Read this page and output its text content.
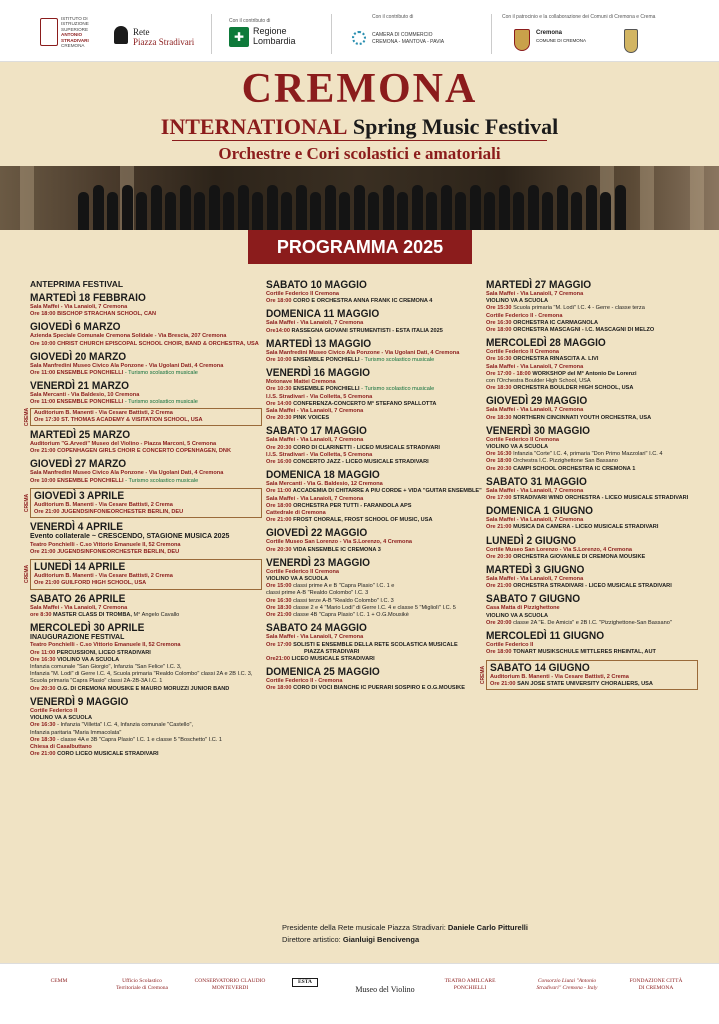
ISTITUTO DI
ISTRUZIONE
SUPERIORE
ANTONIO
STRADIVARI
CREMONA
Rete
Piazza Stradivari
Con il contributo di
✚ Regione
Lombardia
Con il contributo di
CAMERA DI COMMERCIO
CREMONA - MANTOVA - PAVIA
Con il patrocinio e la collaborazione dei Comuni di Cremona e Crema
Cremona
COMUNE DI CREMONA
CREMONA
INTERNATIONAL Spring Music Festival
Orchestre e Cori scolastici e amatoriali
PROGRAMMA 2025
ANTEPRIMA FESTIVAL
MARTEDÌ 18 FEBBRAIO
Sala Maffei - Via Lanaioli, 7 Cremona
Ore 18:00 BISCHOP STRACHAN SCHOOL, CAN
GIOVEDÌ 6 MARZO
Azienda Speciale Comunale Cremona Solidale - Via Brescia, 207 Cremona
Ore 10:00 CHRIST CHURCH EPISCOPAL SCHOOL CHOIR, BAND & ORCHESTRA, USA
GIOVEDÌ 20 MARZO
Sala Manfredini Museo Civico Ala Ponzone - Via Ugolani Dati, 4 Cremona
Ore 11:00 ENSEMBLE PONCHIELLI - Turismo scolastico musicale
VENERDÌ 21 MARZO
Sala Mercanti - Via Baldesio, 10 Cremona
Ore 11:00 ENSEMBLE PONCHIELLI - Turismo scolastico musicale
CREMA Auditorium B. Manenti - Via Cesare Battisti, 2 Crema
Ore 17:30 ST. THOMAS ACADEMY & VISITATION SCHOOL, USA
MARTEDÌ 25 MARZO
Auditorium "G.Arvedi" Museo del Violino - Piazza Marconi, 5 Cremona
Ore 21:00 COPENHAGEN GIRLS CHOIR E CONCERTO COPENHAGEN, DNK
GIOVEDÌ 27 MARZO
Sala Manfredini Museo Civico Ala Ponzone - Via Ugolani Dati, 4 Cremona
Ore 10:00 ENSEMBLE PONCHIELLI - Turismo scolastico musicale
CREMA GIOVEDÌ 3 APRILE
Auditorium B. Manenti - Via Cesare Battisti, 2 Crema
Ore 21:00 JUGENDSINFONIEORCHESTER BERLIN, DEU
VENERDÌ 4 APRILE
Evento collaterale ~ CRESCENDO, STAGIONE MUSICA 2025
Teatro Ponchielli - C.so Vittorio Emanuele II, 52 Cremona
Ore 21:00 JUGENDSINFONIEORCHESTER BERLIN, DEU
CREMA LUNEDÌ 14 APRILE
Auditorium B. Manenti - Via Cesare Battisti, 2 Crema
Ore 21:00 GUILFORD HIGH SCHOOL, USA
SABATO 26 APRILE
Sala Maffei - Via Lanaioli, 7 Cremona
ore 8:30 MASTER CLASS DI TROMBA, M° Angelo Cavallo
MERCOLEDÌ 30 APRILE
INAUGURAZIONE FESTIVAL
Teatro Ponchielli - C.so Vittorio Emanuele II, 52 Cremona
Ore 11:00 PERCUSSIONI, LICEO STRADIVARI
Ore 16:30 VIOLINO VA A SCUOLA
Infanzia comunale "San Giorgio", Infanzia "San Felice" I.C. 3,
Infanzia "M. Lodi" di Gerre I.C. 4, Scuola primaria "Realdo Colombo" classi 2A e 2B I.C. 3,
Scuola primaria "Capra Plasio" classi 2A-2B-3A I.C. 1
Ore 20:30 O.G. DI CREMONA MOUSIKÉ E MAURO MORUZZI JUNIOR BAND
VENERDÌ 9 MAGGIO
Cortile Federico II
VIOLINO VA A SCUOLA
Ore 16:30 - Infanzia "Villetta" I.C. 4, Infanzia comunale "Castello",
Infanzia paritaria "Maria Immacolata"
Ore 18:30 - classe 4A e 3B "Capra Plasio" I.C. 1 e classe 5 "Boschetto" I.C. 1
Chiesa di Casalbuttano
Ore 21:00 CORO LICEO MUSICALE STRADIVARI
SABATO 10 MAGGIO
Cortile Federico II Cremona
Ore 18:00 CORO E ORCHESTRA ANNA FRANK IC CREMONA 4
DOMENICA 11 MAGGIO
Sala Maffei - Via Lanaioli, 7 Cremona
Ore14:00 RASSEGNA GIOVANI STRUMENTISTI - ESTA ITALIA 2025
MARTEDÌ 13 MAGGIO
Sala Manfredini Museo Civico Ala Ponzone - Via Ugolani Dati, 4 Cremona
Ore 10:00 ENSEMBLE PONCHIELLI - Turismo scolastico musicale
VENERDÌ 16 MAGGIO
Motonave Mattei Cremona
Ore 10:30 ENSEMBLE PONCHIELLI - Turismo scolastico musicale
I.I.S. Stradivari - Via Colletta, 5 Cremona
Ore 14:00 CONFERENZA-CONCERTO M° STEFANO SPALLOTTA
Sala Maffei - Via Lanaioli, 7 Cremona
Ore 20:30 PINK VOICES
SABATO 17 MAGGIO
Sala Maffei - Via Lanaioli, 7 Cremona
Ore 20:30 CORO DI CLARINETTI - LICEO MUSICALE STRADIVARI
I.I.S. Stradivari - Via Colletta, 5 Cremona
Ore 16:00 CONCERTO JAZZ - LICEO MUSICALE STRADIVARI
DOMENICA 18 MAGGIO
Sala Mercanti - Via G. Baldesio, 12 Cremona
Ore 11:00 ACCADEMIA DI CHITARRE A PIÙ CORDE + VIDA "GUITAR ENSEMBLE"
Sala Maffei - Via Lanaioli, 7 Cremona
Ore 18:00 ORCHESTRA PER TUTTI - FARANDOLA APS
Cattedrale di Cremona
Ore 21:00 FROST CHORALE, FROST SCHOOL OF MUSIC, USA
GIOVEDÌ 22 MAGGIO
Cortile Museo San Lorenzo - Via S.Lorenzo, 4 Cremona
Ore 20:30 VIDA ENSEMBLE IC CREMONA 3
VENERDÌ 23 MAGGIO
Cortile Federico II Cremona
VIOLINO VA A SCUOLA
Ore 15:00 classi prime A e B "Capra Plasio" I.C. 1 e
classi prime A-B "Realdo Colombo" I.C. 3
Ore 16:30 classi terze A-B "Realdo Colombo" I.C. 3
Ore 18:30 classe 2 e 4 "Mario Lodi" di Gerre I.C. 4 e classe 5 "Migliolì" I.C. 5
Ore 21:00 classe 4B "Capra Plasio" I.C. 1 + O.G.Mousikè
SABATO 24 MAGGIO
Sala Maffei - Via Lanaioli, 7 Cremona
Ore 17:00 SOLISTI E ENSEMBLE DELLA RETE SCOLASTICA MUSICALE
PIAZZA STRADIVARI
Ore21:00 LICEO MUSICALE STRADIVARI
DOMENICA 25 MAGGIO
Cortile Federico II - Cremona
Ore 18:00 CORO DI VOCI BIANCHE IC PUERARI SOSPIRO E O.G.MOUSIKÈ
MARTEDÌ 27 MAGGIO
Sala Maffei - Via Lanaioli, 7 Cremona
VIOLINO VA A SCUOLA
Ore 15:30 Scuola primaria "M. Lodi" I.C. 4 - Gerre - classe terza
Cortile Federico II - Cremona
Ore 16:30 ORCHESTRA IC CARMAGNOLA
Ore 18:00 ORCHESTRA MASCAGNI - I.C. MASCAGNI DI MELZO
MERCOLEDÌ 28 MAGGIO
Cortile Federico II Cremona
Ore 16:30 ORCHESTRA RINASCITA A. LIVI
Sala Maffei - Via Lanaioli, 7 Cremona
Ore 17:00 - 18:00 WORKSHOP del M° Antonio De Lorenzi
con l'Orchestra Boulder High School, USA
Ore 18:30 ORCHESTRA BOULDER HIGH SCHOOL, USA
GIOVEDÌ 29 MAGGIO
Sala Maffei - Via Lanaioli, 7 Cremona
Ore 18:30 NORTHERN CINCINNATI YOUTH ORCHESTRA, USA
VENERDÌ 30 MAGGIO
Cortile Federico II Cremona
VIOLINO VA A SCUOLA
Ore 16:30 Infanzia "Corte" I.C. 4, primaria "Don Primo Mazzolari" I.C. 4
Ore 18:00 Orchestra I.C. Pizzighettone San Bassano
Ore 20:30 CAMPI SCHOOL ORCHESTRA IC CREMONA 1
SABATO 31 MAGGIO
Sala Maffei - Via Lanaioli, 7 Cremona
Ore 17:00 STRADIVARI WIND ORCHESTRA - LICEO MUSICALE STRADIVARI
DOMENICA 1 GIUGNO
Sala Maffei - Via Lanaioli, 7 Cremona
Ore 21:00 MUSICA DA CAMERA - LICEO MUSICALE STRADIVARI
LUNEDÌ 2 GIUGNO
Cortile Museo San Lorenzo - Via S.Lorenzo, 4 Cremona
Ore 20:30 ORCHESTRA GIOVANILE DI CREMONA MOUSIKÉ
MARTEDÌ 3 GIUGNO
Sala Maffei - Via Lanaioli, 7 Cremona
Ore 21:00 ORCHESTRA STRADIVARI - LICEO MUSICALE STRADIVARI
SABATO 7 GIUGNO
Casa Matta di Pizzighettone
VIOLINO VA A SCUOLA
Ore 20:00 classe 2A "E. De Amicis" e 2B I.C. "Pizzighettone-San Bassano"
MERCOLEDÌ 11 GIUGNO
Cortile Federico II
Ore 18:00 TONART MUSIKSCHULE MITTLERES RHEINTAL, AUT
CREMA SABATO 14 GIUGNO
Auditorium B. Manenti - Via Cesare Battisti, 2 Crema
Ore 21:00 SAN JOSÉ STATE UNIVERSITY CHORALIERS, USA
Presidente della Rete musicale Piazza Stradivari: Daniele Carlo Pitturelli
Direttore artistico: Gianluigi Bencivenga
CEMM	Ufficio Scolastico Territoriale di Cremona
CONSERVATORIO CLAUDIO MONTEVERDI
ESTA
Museo del Violino
TEATRO AMILCARE PONCHIELLI
Consorzio Liutai "Antonio Stradivari" Cremona - Italy
FONDAZIONE CITTÀ DI CREMONA
